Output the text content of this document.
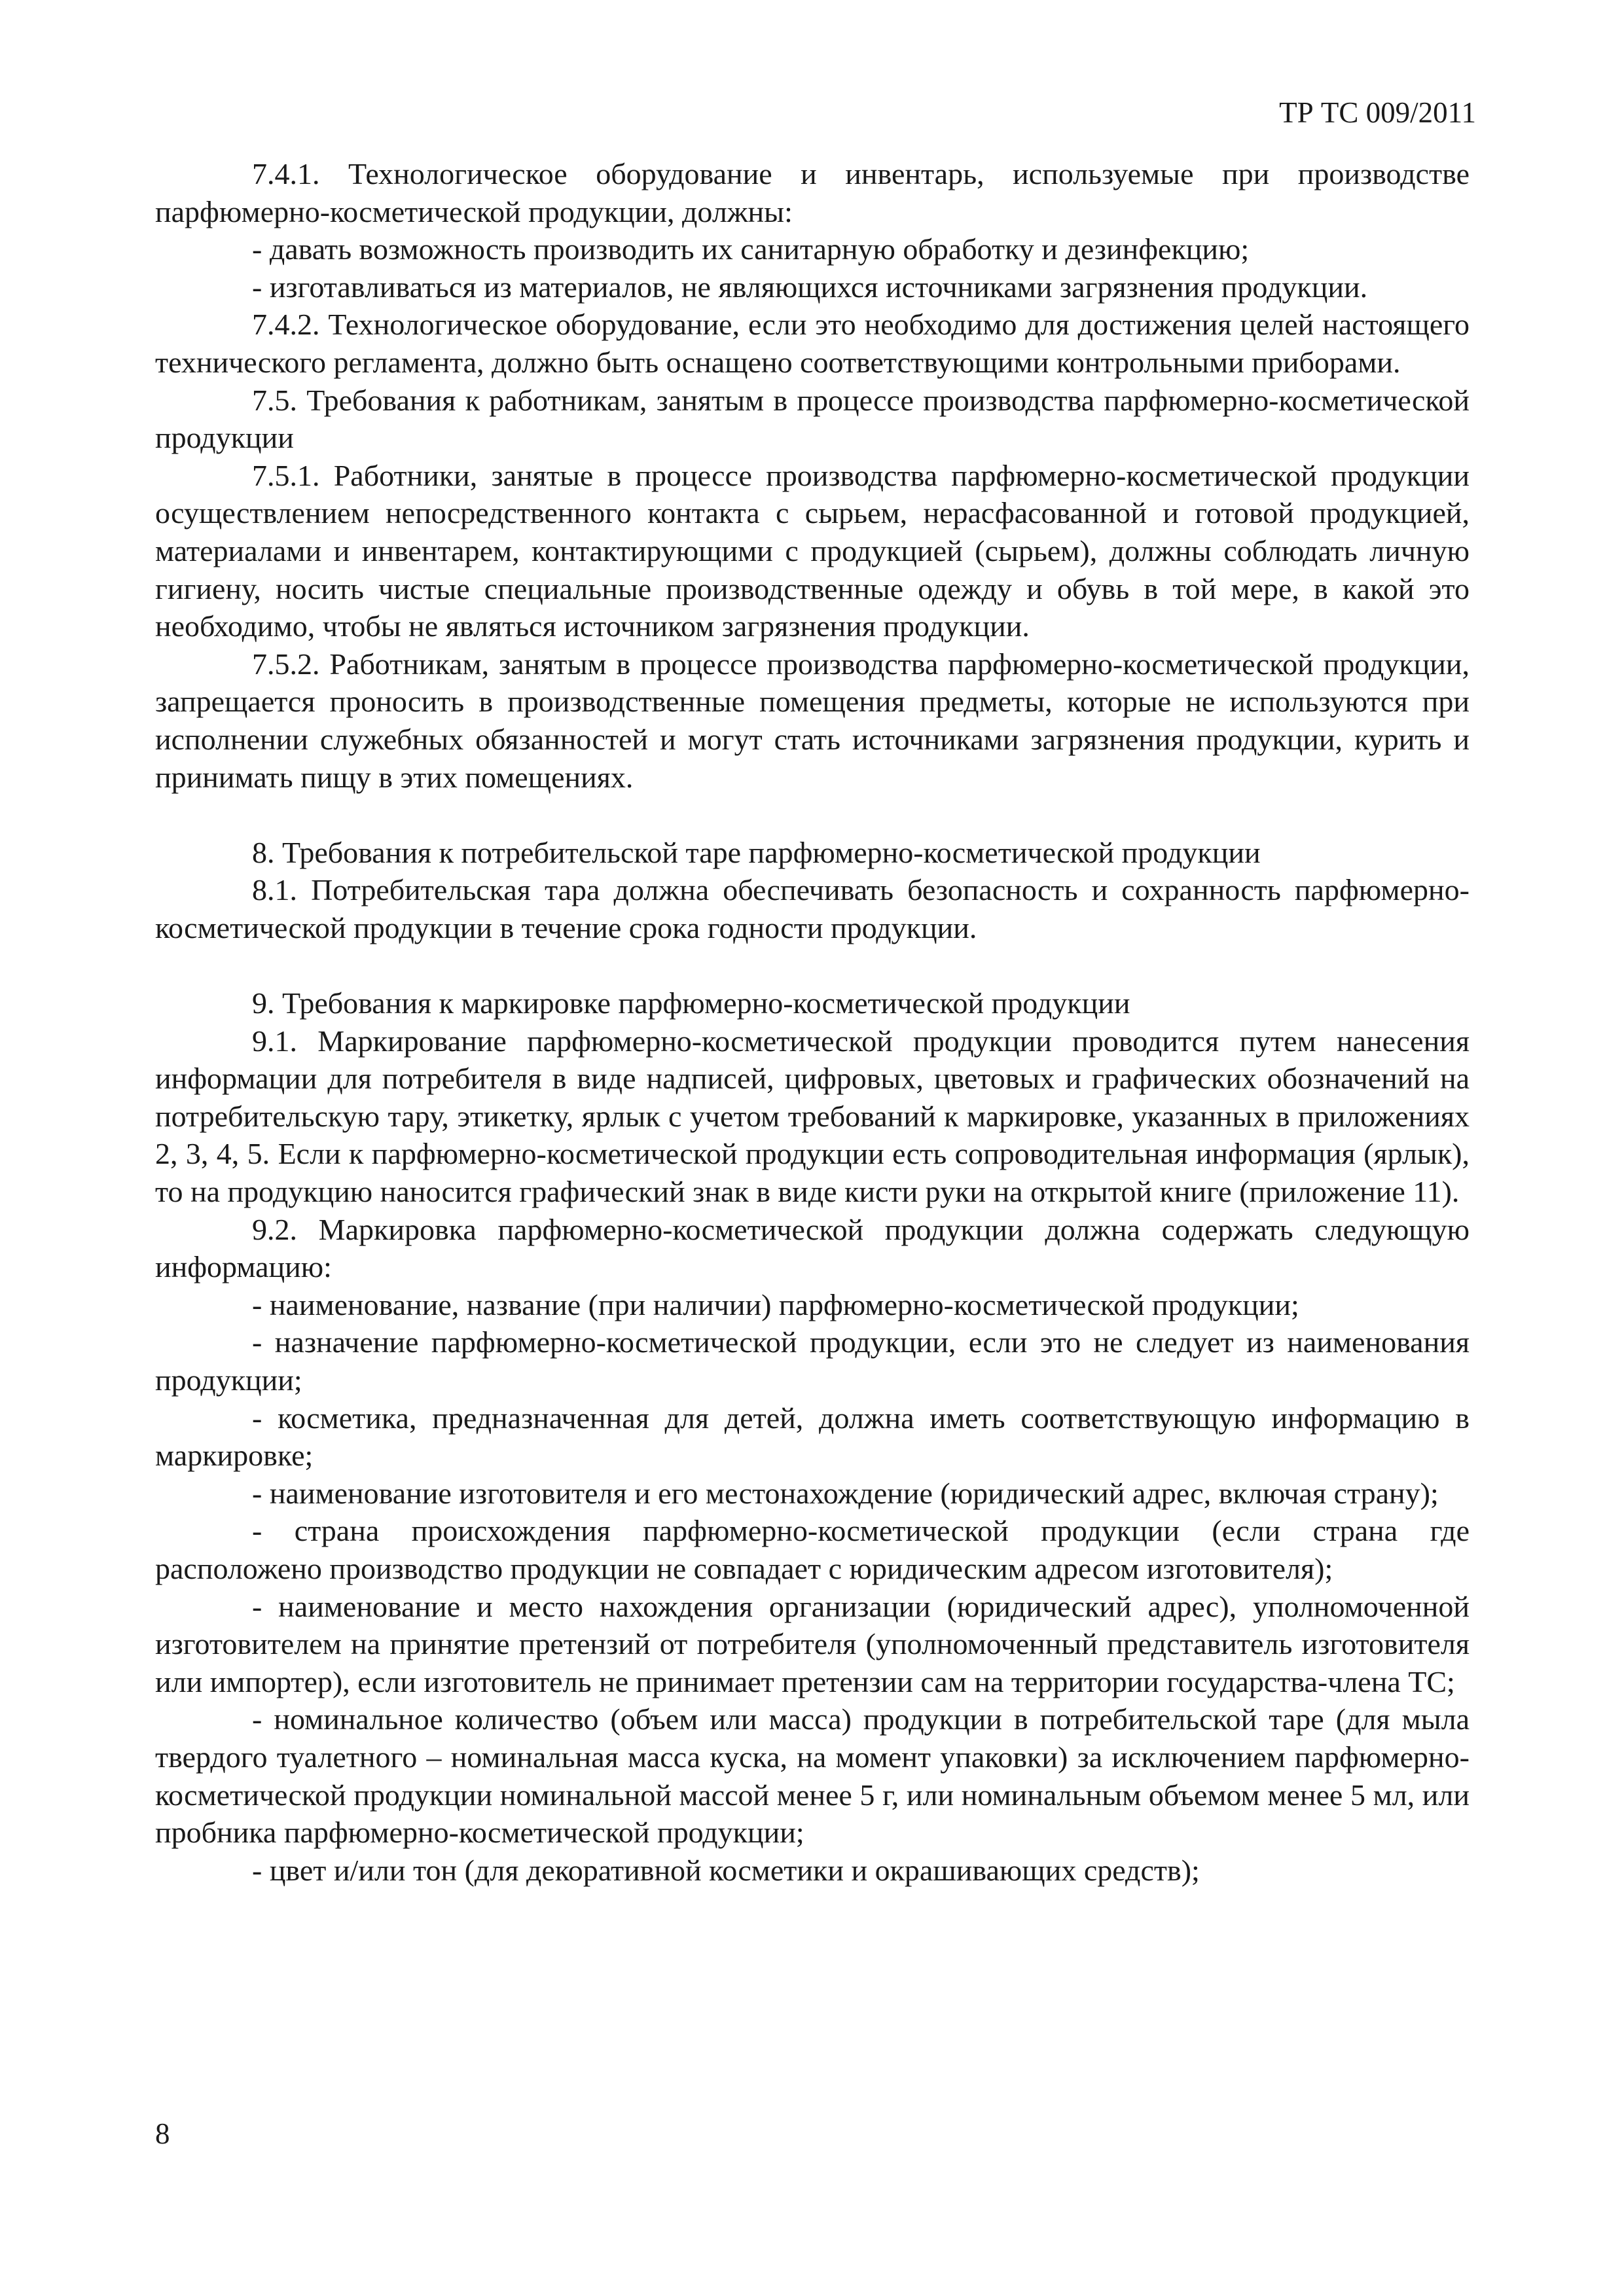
ТР ТС 009/2011

7.4.1. Технологическое оборудование и инвентарь, используемые при производстве парфюмерно-косметической продукции, должны:

- давать возможность производить их санитарную обработку и дезинфекцию;

- изготавливаться из материалов, не являющихся источниками загрязнения продукции.

7.4.2. Технологическое оборудование, если это необходимо для достижения целей настоящего технического регламента, должно быть оснащено соответствующими контрольными приборами.

7.5. Требования к работникам, занятым в процессе производства парфюмерно-косметической продукции

7.5.1. Работники, занятые в процессе производства парфюмерно-косметической продукции осуществлением непосредственного контакта с сырьем, нерасфасованной и готовой продукцией, материалами и инвентарем, контактирующими с продукцией (сырьем), должны соблюдать личную гигиену, носить чистые специальные производственные одежду и обувь в той мере, в какой это необходимо, чтобы не являться источником загрязнения продукции.

7.5.2. Работникам, занятым в процессе производства парфюмерно-косметической продукции, запрещается проносить в производственные помещения предметы, которые не используются при исполнении служебных обязанностей и могут стать источниками загрязнения продукции, курить и принимать пищу в этих помещениях.

8. Требования к потребительской таре парфюмерно-косметической продукции

8.1. Потребительская тара должна обеспечивать безопасность и сохранность парфюмерно-косметической продукции в течение срока годности продукции.

9. Требования к маркировке парфюмерно-косметической продукции

9.1. Маркирование парфюмерно-косметической продукции проводится путем нанесения информации для потребителя в виде надписей, цифровых, цветовых и графических обозначений на потребительскую тару, этикетку, ярлык с учетом требований к маркировке, указанных в приложениях 2, 3, 4, 5. Если к парфюмерно-косметической продукции есть сопроводительная информация (ярлык), то на продукцию наносится графический знак в виде кисти руки на открытой книге (приложение 11).

9.2. Маркировка парфюмерно-косметической продукции должна содержать следующую информацию:

- наименование, название (при наличии) парфюмерно-косметической продукции;

- назначение парфюмерно-косметической продукции, если это не следует из наименования продукции;

- косметика, предназначенная для детей, должна иметь соответствующую информацию в маркировке;

- наименование изготовителя и его местонахождение (юридический адрес, включая страну);

- страна происхождения парфюмерно-косметической продукции (если страна где расположено производство продукции не совпадает с юридическим адресом изготовителя);

- наименование и место нахождения организации (юридический адрес), уполномоченной изготовителем на принятие претензий от потребителя (уполномоченный представитель изготовителя или импортер), если изготовитель не принимает претензии сам на территории государства-члена ТС;

- номинальное количество (объем или масса) продукции в потребительской таре (для мыла твердого туалетного – номинальная масса куска, на момент упаковки) за исключением парфюмерно-косметической продукции номинальной массой менее 5 г, или номинальным объемом менее 5 мл, или пробника парфюмерно-косметической продукции;

- цвет и/или тон (для декоративной косметики и окрашивающих средств);

8
